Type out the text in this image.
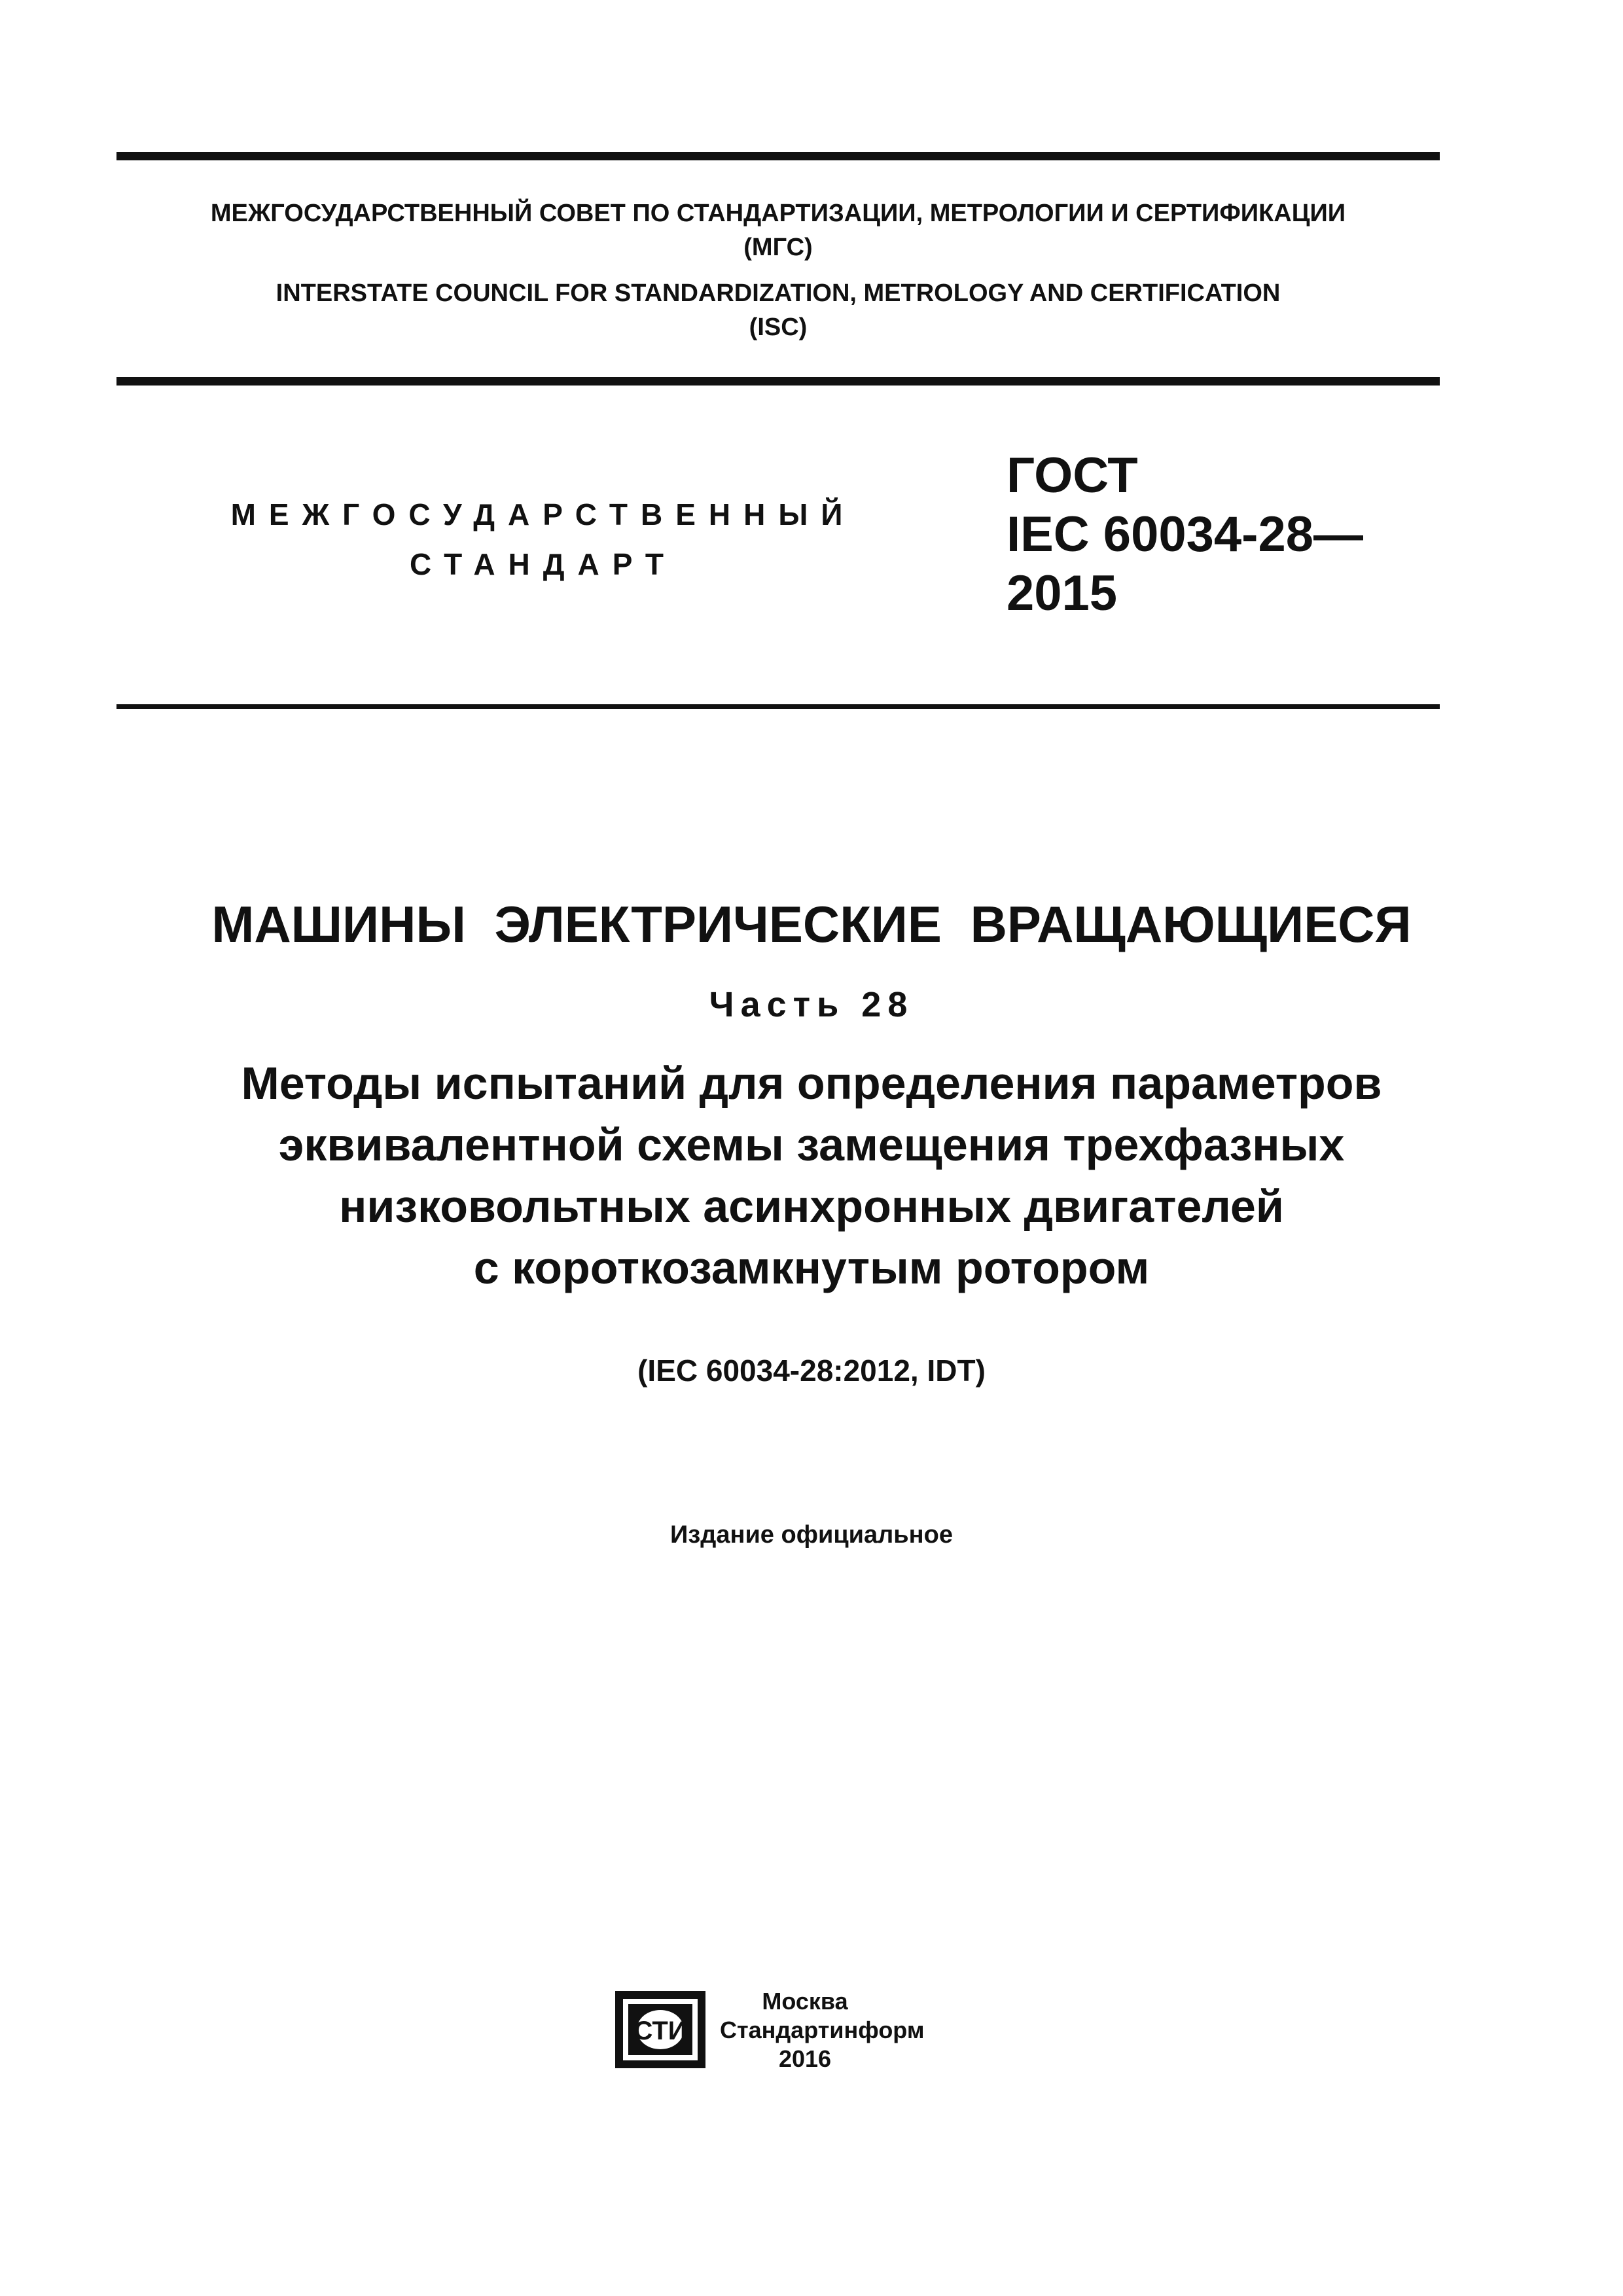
МЕЖГОСУДАРСТВЕННЫЙ СОВЕТ ПО СТАНДАРТИЗАЦИИ, МЕТРОЛОГИИ И СЕРТИФИКАЦИИ
(МГС)
INTERSTATE COUNCIL FOR STANDARDIZATION, METROLOGY AND CERTIFICATION
(ISC)
МЕЖГОСУДАРСТВЕННЫЙ
СТАНДАРТ
ГОСТ
IEC 60034-28—
2015
МАШИНЫ ЭЛЕКТРИЧЕСКИЕ ВРАЩАЮЩИЕСЯ
Часть 28
Методы испытаний для определения параметров
эквивалентной схемы замещения трехфазных
низковольтных асинхронных двигателей
с короткозамкнутым ротором
(IEC 60034-28:2012, IDT)
Издание официальное
СТИ
Москва
Стандартинформ
2016
